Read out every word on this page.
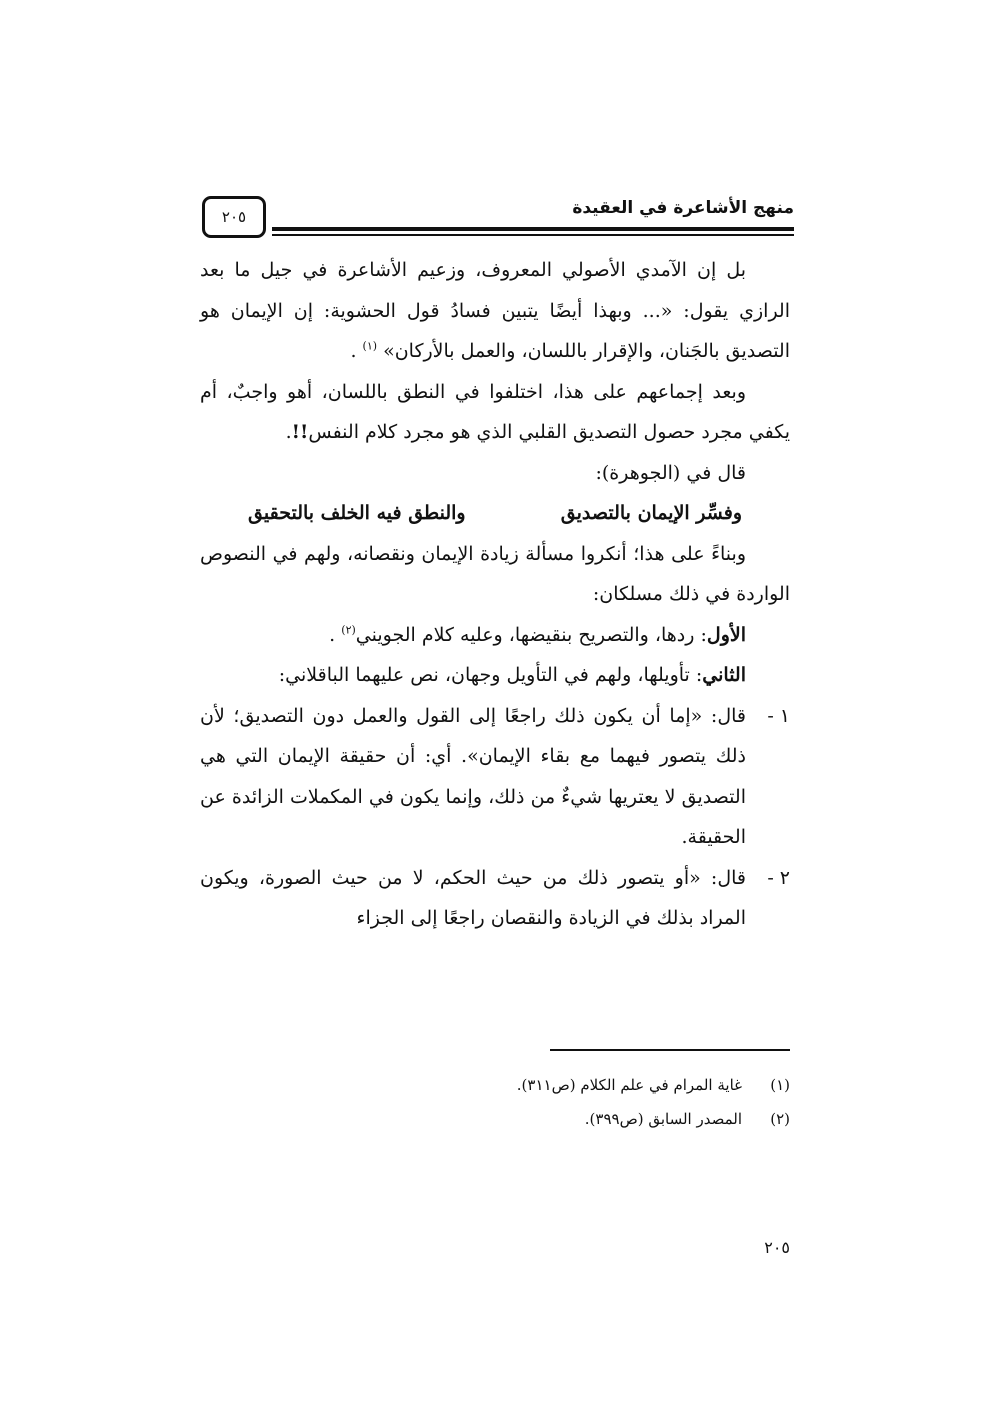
منهج الأشاعرة في العقيدة
٢٠٥

بل إن الآمدي الأصولي المعروف، وزعيم الأشاعرة في جيل ما بعد الرازي يقول: «... وبهذا أيضًا يتبين فسادُ قول الحشوية: إن الإيمان هو التصديق بالجَنان، والإقرار باللسان، والعمل بالأركان» $^{(١)}$ .

وبعد إجماعهم على هذا، اختلفوا في النطق باللسان، أهو واجبٌ، أم يكفي مجرد حصول التصديق القلبي الذي هو مجرد كلام النفس!!.

قال في (الجوهرة):

وفسِّر الإيمان بالتصديق
والنطق فيه الخلف بالتحقيق

وبناءً على هذا؛ أنكروا مسألة زيادة الإيمان ونقصانه، ولهم في النصوص الواردة في ذلك مسلكان:

الأول: ردها، والتصريح بنقيضها، وعليه كلام الجويني$^{(٢)}$ .

الثاني: تأويلها، ولهم في التأويل وجهان، نص عليهما الباقلاني:

١ -
قال: «إما أن يكون ذلك راجعًا إلى القول والعمل دون التصديق؛ لأن ذلك يتصور فيهما مع بقاء الإيمان». أي: أن حقيقة الإيمان التي هي التصديق لا يعتريها شيءٌ من ذلك، وإنما يكون في المكملات الزائدة عن الحقيقة.

٢ -
قال: «أو يتصور ذلك من حيث الحكم، لا من حيث الصورة، ويكون المراد بذلك في الزيادة والنقصان راجعًا إلى الجزاء

(١)
غاية المرام في علم الكلام (ص٣١١).
(٢)
المصدر السابق (ص٣٩٩).
٢٠٥
